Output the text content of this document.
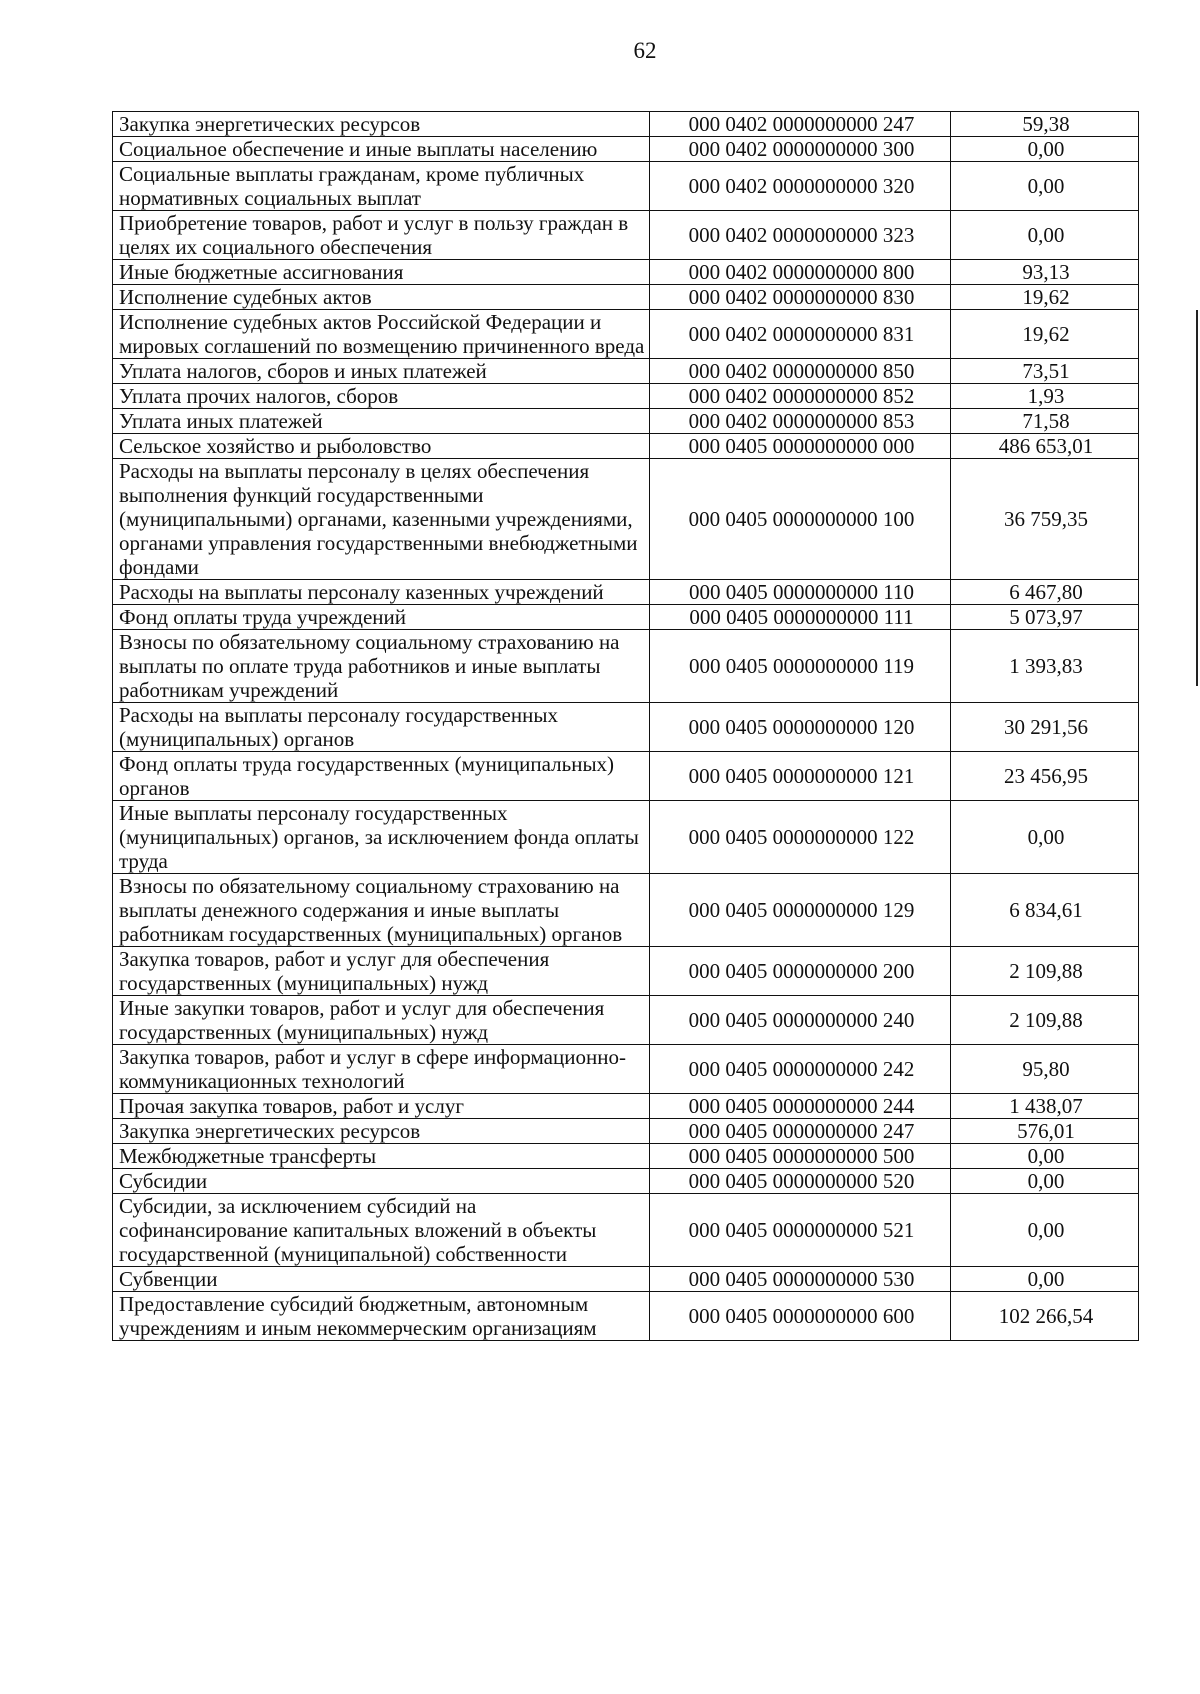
62
Закупка энергетических ресурсов	000 0402 0000000000 247	59,38
Социальное обеспечение и иные выплаты населению	000 0402 0000000000 300	0,00
Социальные выплаты гражданам, кроме публичных нормативных социальных выплат	000 0402 0000000000 320	0,00
Приобретение товаров, работ и услуг в пользу граждан в целях их социального обеспечения	000 0402 0000000000 323	0,00
Иные бюджетные ассигнования	000 0402 0000000000 800	93,13
Исполнение судебных актов	000 0402 0000000000 830	19,62
Исполнение судебных актов Российской Федерации и мировых соглашений по возмещению причиненного вреда	000 0402 0000000000 831	19,62
Уплата налогов, сборов и иных платежей	000 0402 0000000000 850	73,51
Уплата прочих налогов, сборов	000 0402 0000000000 852	1,93
Уплата иных платежей	000 0402 0000000000 853	71,58
Сельское хозяйство и рыболовство	000 0405 0000000000 000	486 653,01
Расходы на выплаты персоналу в целях обеспечения выполнения функций государственными (муниципальными) органами, казенными учреждениями, органами управления государственными внебюджетными фондами	000 0405 0000000000 100	36 759,35
Расходы на выплаты персоналу казенных учреждений	000 0405 0000000000 110	6 467,80
Фонд оплаты труда учреждений	000 0405 0000000000 111	5 073,97
Взносы по обязательному социальному страхованию на выплаты по оплате труда работников и иные выплаты работникам учреждений	000 0405 0000000000 119	1 393,83
Расходы на выплаты персоналу государственных (муниципальных) органов	000 0405 0000000000 120	30 291,56
Фонд оплаты труда государственных (муниципальных) органов	000 0405 0000000000 121	23 456,95
Иные выплаты персоналу государственных (муниципальных) органов, за исключением фонда оплаты труда	000 0405 0000000000 122	0,00
Взносы по обязательному социальному страхованию на выплаты денежного содержания и иные выплаты работникам государственных (муниципальных) органов	000 0405 0000000000 129	6 834,61
Закупка товаров, работ и услуг для обеспечения государственных (муниципальных) нужд	000 0405 0000000000 200	2 109,88
Иные закупки товаров, работ и услуг для обеспечения государственных (муниципальных) нужд	000 0405 0000000000 240	2 109,88
Закупка товаров, работ и услуг в сфере информационно-коммуникационных технологий	000 0405 0000000000 242	95,80
Прочая закупка товаров, работ и услуг	000 0405 0000000000 244	1 438,07
Закупка энергетических ресурсов	000 0405 0000000000 247	576,01
Межбюджетные трансферты	000 0405 0000000000 500	0,00
Субсидии	000 0405 0000000000 520	0,00
Субсидии, за исключением субсидий на софинансирование капитальных вложений в объекты государственной (муниципальной) собственности	000 0405 0000000000 521	0,00
Субвенции	000 0405 0000000000 530	0,00
Предоставление субсидий бюджетным, автономным учреждениям и иным некоммерческим организациям	000 0405 0000000000 600	102 266,54
